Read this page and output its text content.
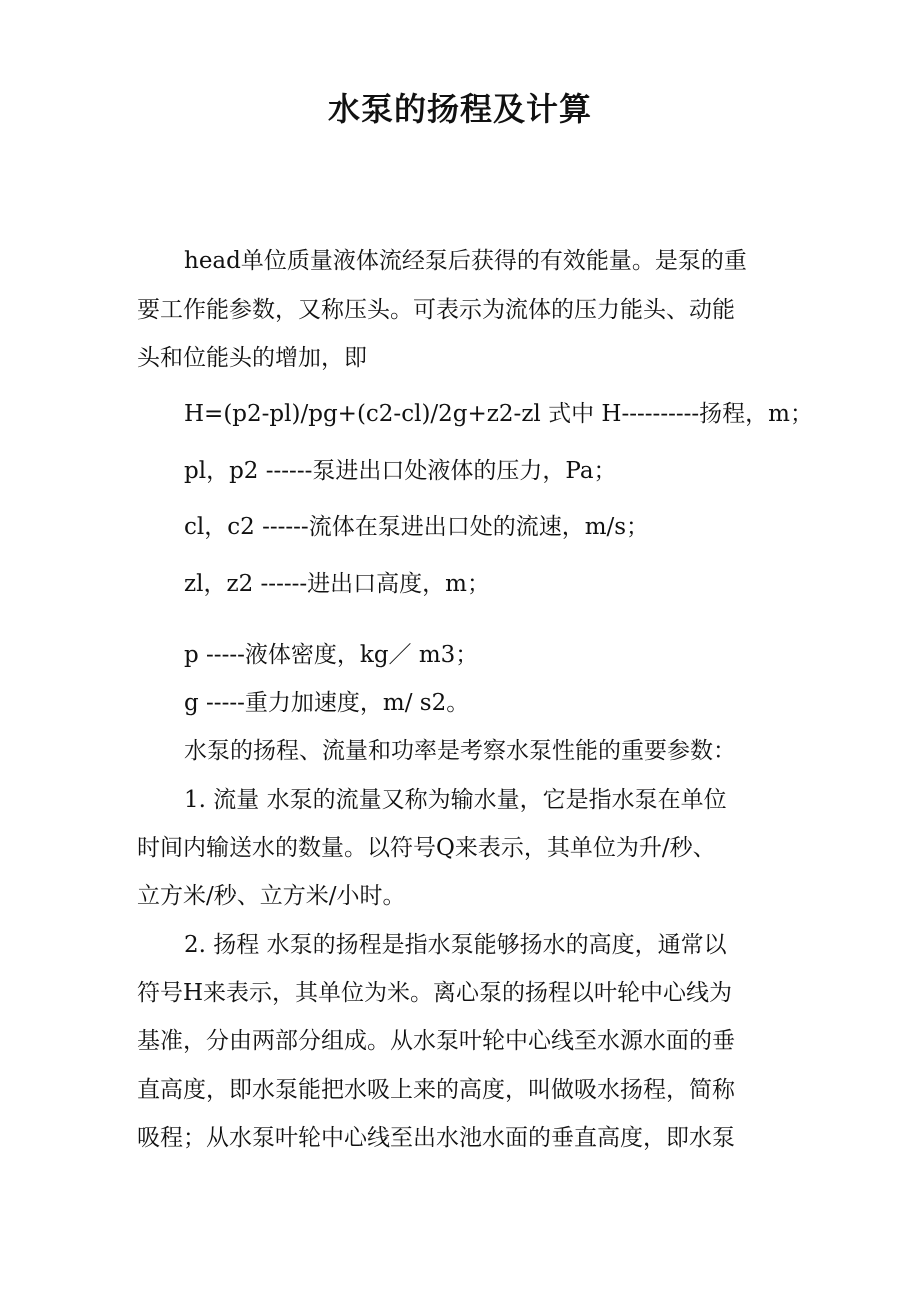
水泵的扬程及计算
head单位质量液体流经泵后获得的有效能量。是泵的重
要工作能参数，又称压头。可表示为流体的压力能头、动能
头和位能头的增加，即
H=(p2-pl)/pg+(c2-cl)/2g+z2-zl 式中 H----------扬程，m；
pl，p2 ------泵进出口处液体的压力，Pa；
cl，c2 ------流体在泵进出口处的流速，m/s；
zl，z2 ------进出口高度，m；
p -----液体密度，kg／ m3；
g -----重力加速度，m/ s2。
水泵的扬程、流量和功率是考察水泵性能的重要参数：
1. 流量 水泵的流量又称为输水量，它是指水泵在单位
时间内输送水的数量。以符号Q来表示，其单位为升/秒、
立方米/秒、立方米/小时。
2. 扬程 水泵的扬程是指水泵能够扬水的高度，通常以
符号H来表示，其单位为米。离心泵的扬程以叶轮中心线为
基准，分由两部分组成。从水泵叶轮中心线至水源水面的垂
直高度，即水泵能把水吸上来的高度，叫做吸水扬程，简称
吸程；从水泵叶轮中心线至出水池水面的垂直高度，即水泵
